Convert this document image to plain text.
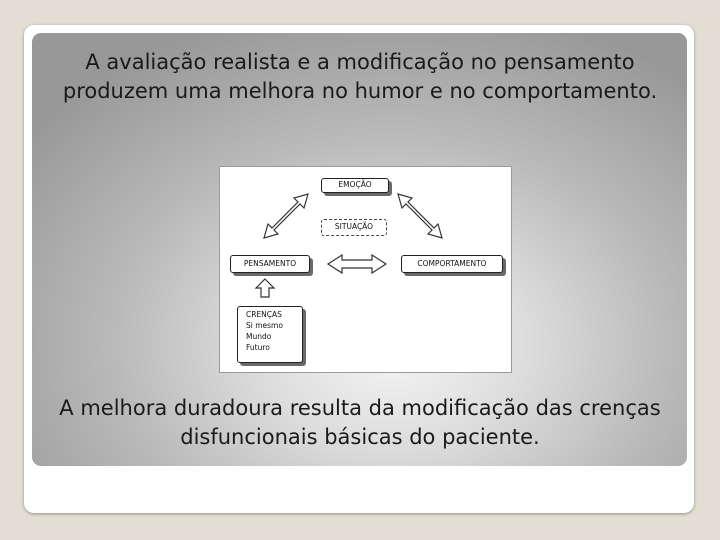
A avaliação realista e a modificação no pensamento produzem uma melhora no humor e no comportamento.

EMOÇÃO
SITUAÇÃO
PENSAMENTO	COMPORTAMENTO
CRENÇAS
Si mesmo
Mundo
Futuro

A melhora duradoura resulta da modificação das crenças disfuncionais básicas do paciente.
